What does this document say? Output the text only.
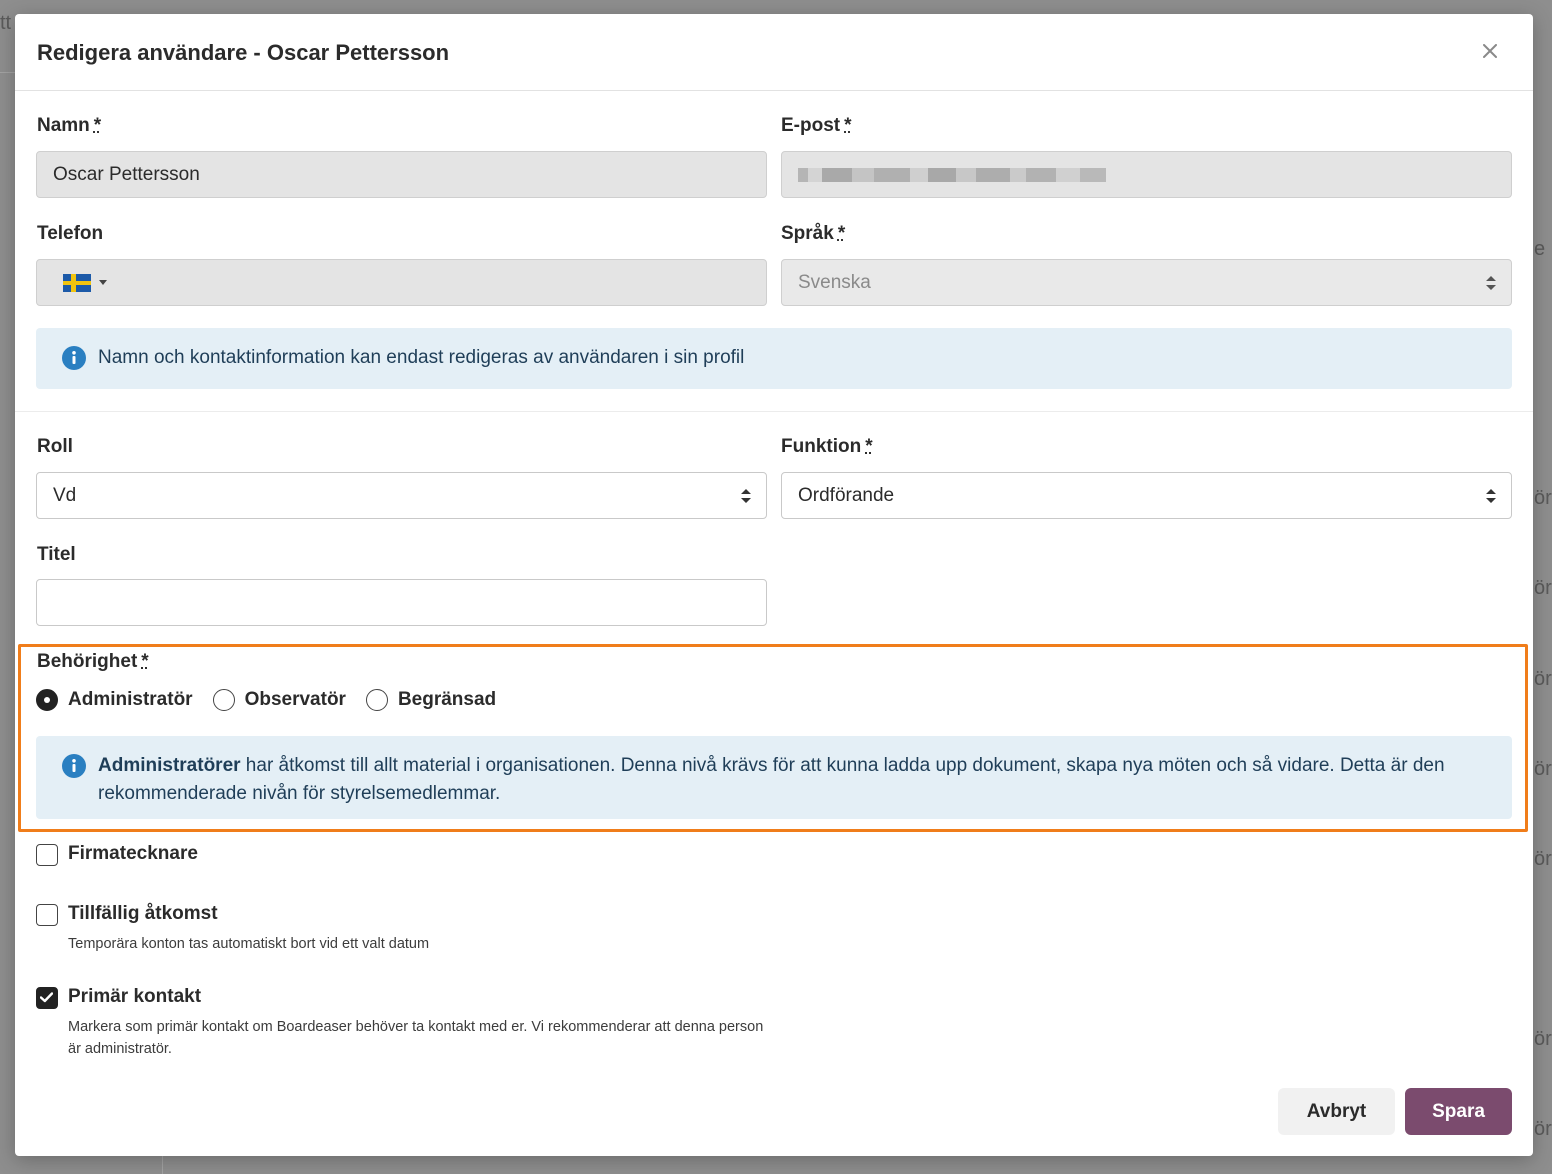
tt
e
ör
ör
ör
ör
ör
ör
ör
Redigera användare - Oscar Pettersson
Namn *
Oscar Pettersson
E-post *
Telefon	Språk *
Svenska
Namn och kontaktinformation kan endast redigeras av användaren i sin profil
Roll
Vd
Funktion *
Ordförande
Titel
Behörighet *
Administratör	Observatör	Begränsad
Administratörer har åtkomst till allt material i organisationen. Denna nivå krävs för att kunna ladda upp dokument, skapa nya möten och så vidare. Detta är den rekommenderade nivån för styrelsemedlemmar.
Firmatecknare
Tillfällig åtkomst
Temporära konton tas automatiskt bort vid ett valt datum
Primär kontakt
Markera som primär kontakt om Boardeaser behöver ta kontakt med er. Vi rekommenderar att denna person är administratör.
Avbryt	Spara
